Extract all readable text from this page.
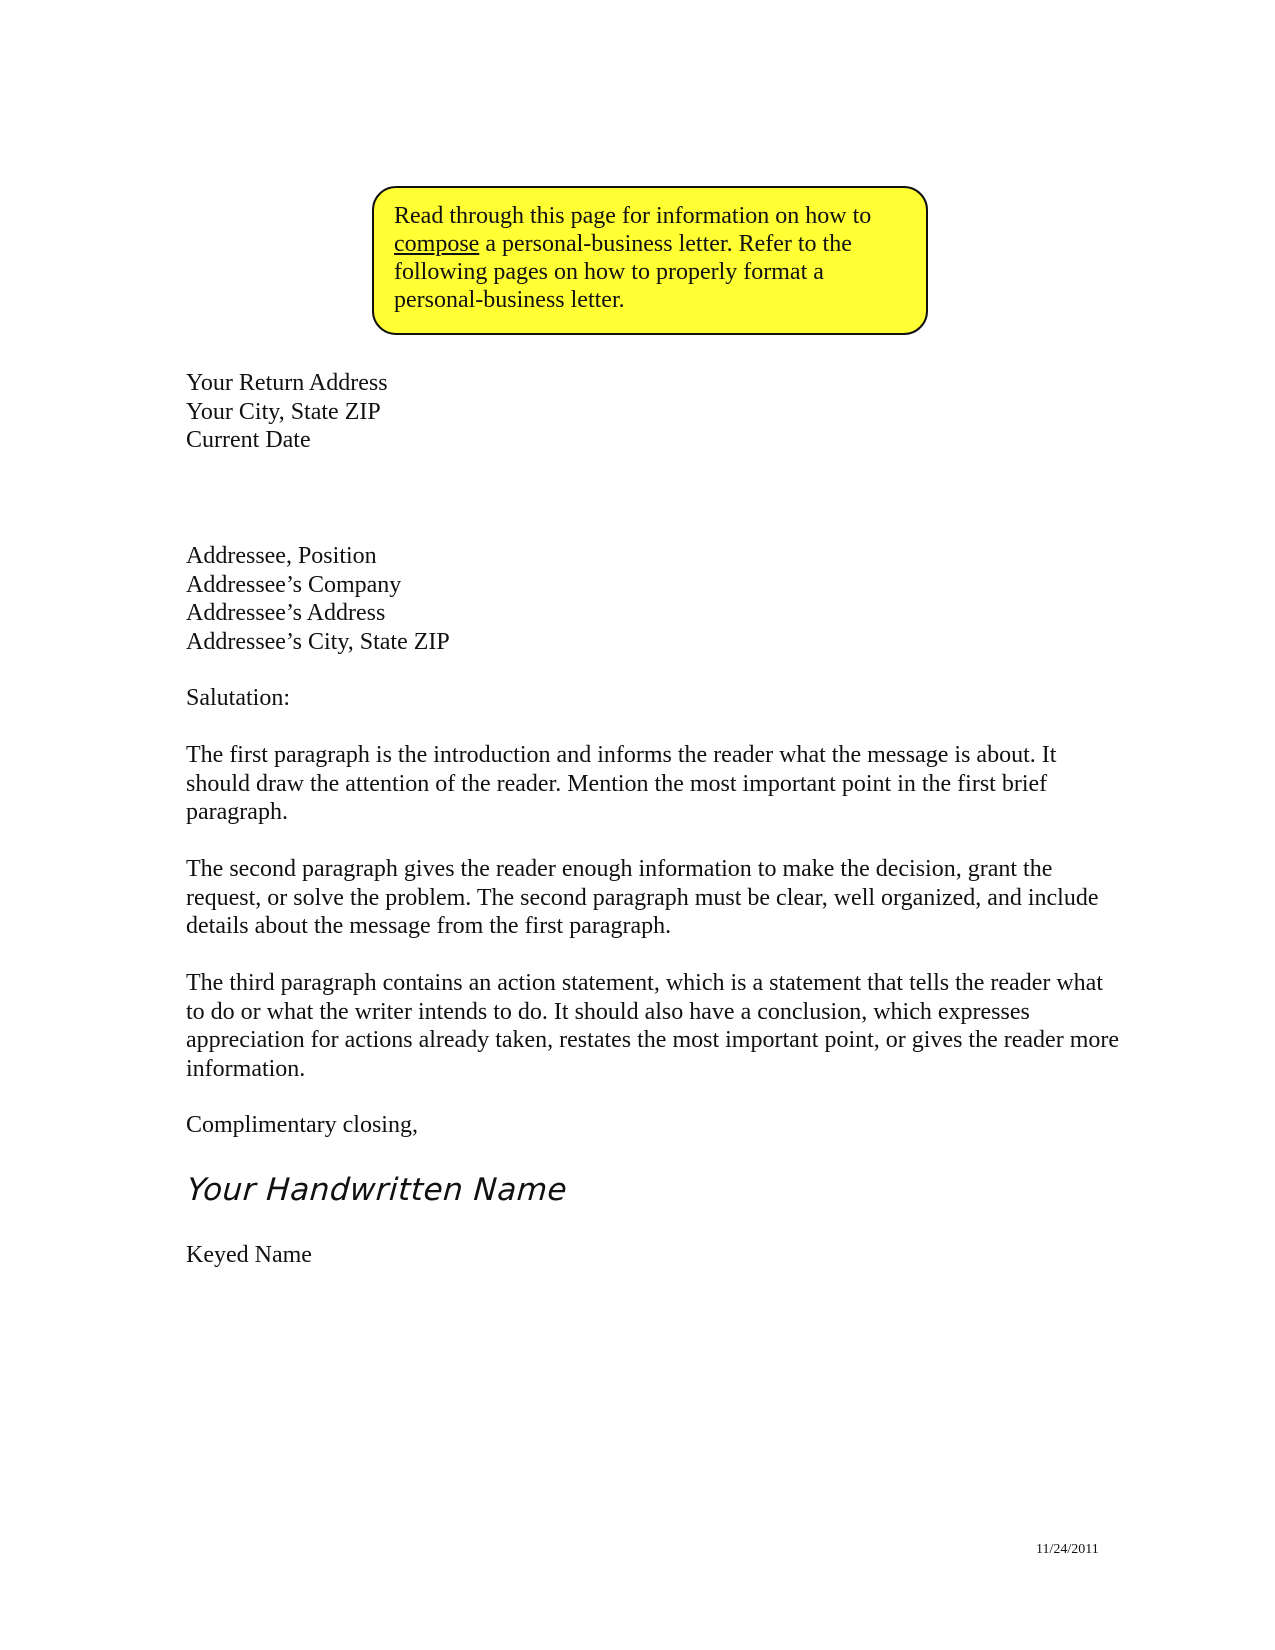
Read through this page for information on how to compose a personal-business letter. Refer to the following pages on how to properly format a personal-business letter.
Your Return Address
Your City, State ZIP
Current Date
Addressee, Position
Addressee’s Company
Addressee’s Address
Addressee’s City, State ZIP
Salutation:

The first paragraph is the introduction and informs the reader what the message is about. It should draw the attention of the reader. Mention the most important point in the first brief paragraph.

The second paragraph gives the reader enough information to make the decision, grant the request, or solve the problem. The second paragraph must be clear, well organized, and include details about the message from the first paragraph.

The third paragraph contains an action statement, which is a statement that tells the reader what to do or what the writer intends to do. It should also have a conclusion, which expresses appreciation for actions already taken, restates the most important point, or gives the reader more information.

Complimentary closing,
Your Handwritten Name
Keyed Name
11/24/2011
